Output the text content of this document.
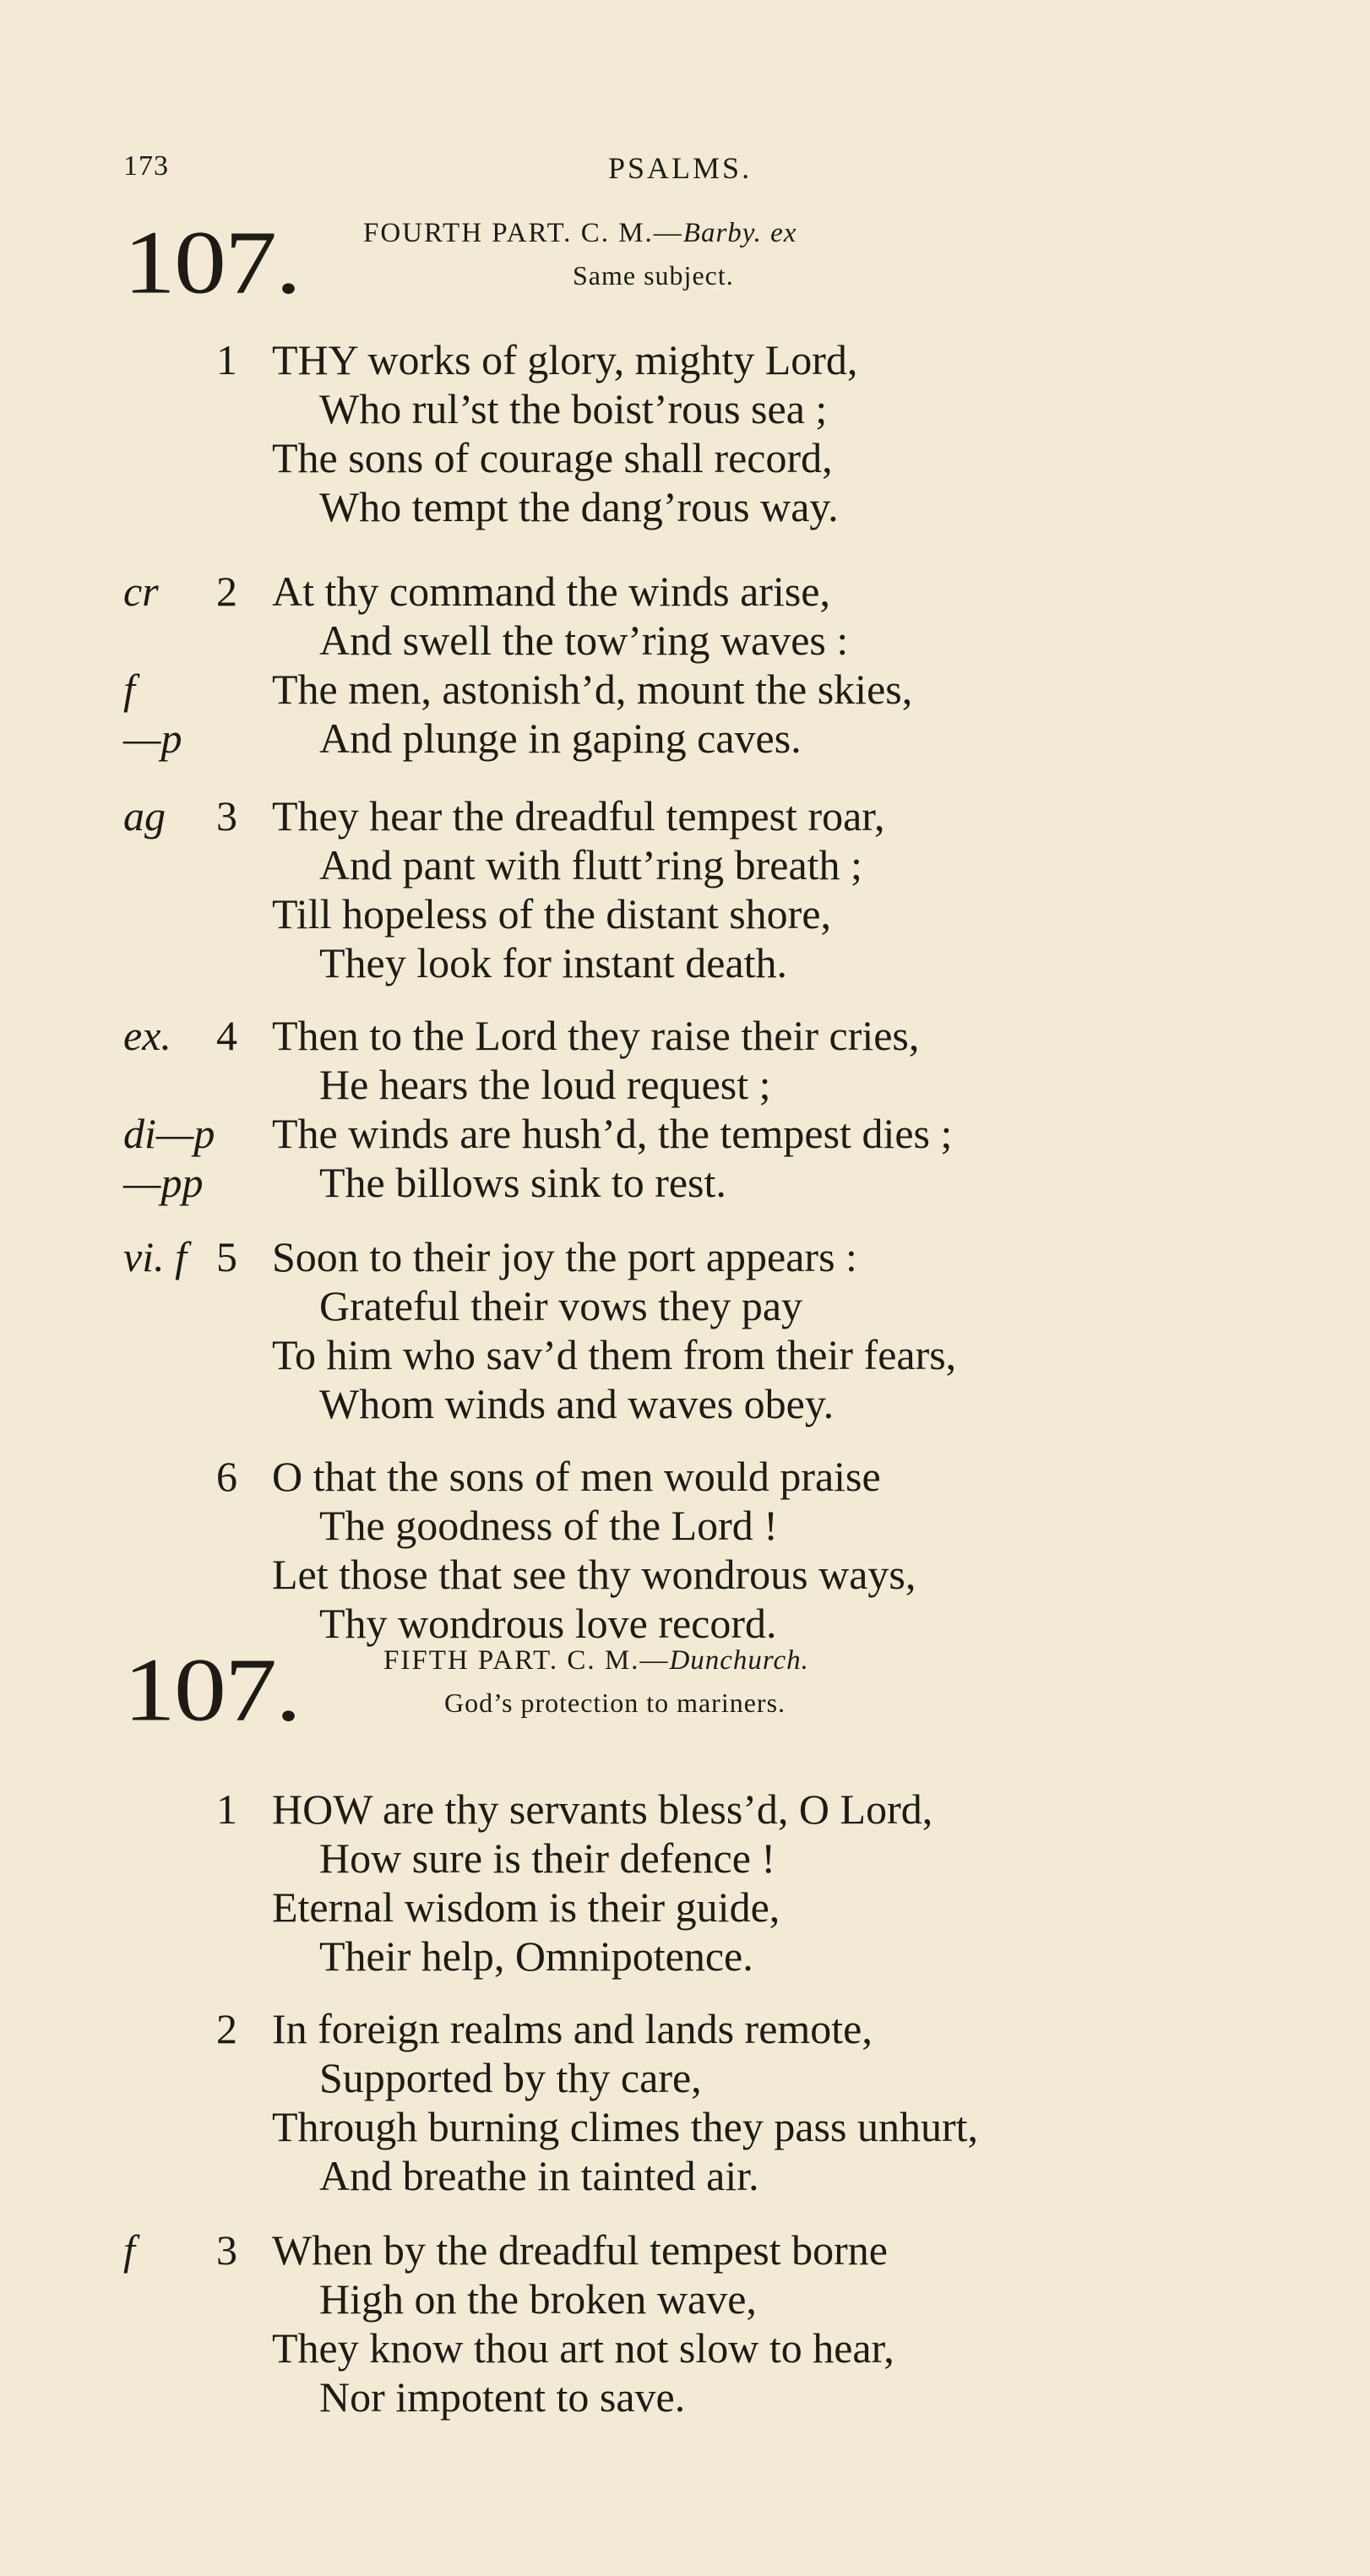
173	PSALMS.
107. FOURTH PART. C. M.—Barby. ex
Same subject.
1 THY works of glory, mighty Lord,
Who rul’st the boist’rous sea ;
The sons of courage shall record,
Who tempt the dang’rous way.
cr 2 At thy command the winds arise,
And swell the tow’ring waves :
f	The men, astonish’d, mount the skies,
—p	And plunge in gaping caves.
ag 3 They hear the dreadful tempest roar,
And pant with flutt’ring breath ;
Till hopeless of the distant shore,
They look for instant death.
ex. 4 Then to the Lord they raise their cries,
He hears the loud request ;
di—p The winds are hush’d, the tempest dies ;
—pp	The billows sink to rest.
vi. f 5 Soon to their joy the port appears :
Grateful their vows they pay
To him who sav’d them from their fears,
Whom winds and waves obey.
6 O that the sons of men would praise
The goodness of the Lord !
Let those that see thy wondrous ways,
Thy wondrous love record.
107.	FIFTH PART. C. M.—Dunchurch.
God’s protection to mariners.
1 HOW are thy servants bless’d, O Lord,
How sure is their defence !
Eternal wisdom is their guide,
Their help, Omnipotence.
2 In foreign realms and lands remote,
Supported by thy care,
Through burning climes they pass unhurt,
And breathe in tainted air.
f 3 When by the dreadful tempest borne
High on the broken wave,
They know thou art not slow to hear,
Nor impotent to save.
